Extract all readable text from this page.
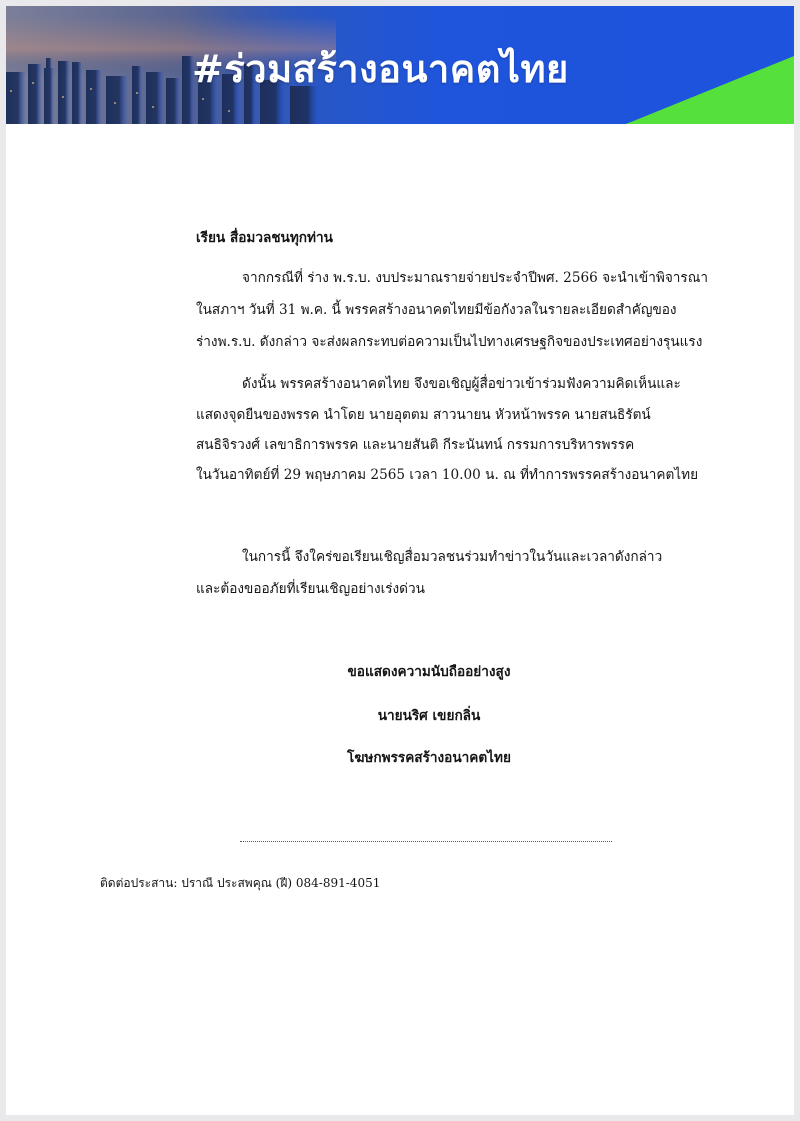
#ร่วมสร้างอนาคตไทย
เรียน สื่อมวลชนทุกท่าน
จากกรณีที่ ร่าง พ.ร.บ. งบประมาณรายจ่ายประจำปีพศ. 2566 จะนำเข้าพิจารณา
ในสภาฯ วันที่ 31 พ.ค. นี้ พรรคสร้างอนาคตไทยมีข้อกังวลในรายละเอียดสำคัญของ
ร่างพ.ร.บ. ดังกล่าว จะส่งผลกระทบต่อความเป็นไปทางเศรษฐกิจของประเทศอย่างรุนแรง
ดังนั้น พรรคสร้างอนาคตไทย จึงขอเชิญผู้สื่อข่าวเข้าร่วมฟังความคิดเห็นและ
แสดงจุดยืนของพรรค นำโดย นายอุตตม สาวนายน หัวหน้าพรรค นายสนธิรัตน์
สนธิจิรวงศ์ เลขาธิการพรรค และนายสันติ กีระนันทน์ กรรมการบริหารพรรค
ในวันอาทิตย์ที่ 29 พฤษภาคม 2565 เวลา 10.00 น. ณ ที่ทำการพรรคสร้างอนาคตไทย
ในการนี้ จึงใคร่ขอเรียนเชิญสื่อมวลชนร่วมทำข่าวในวันและเวลาดังกล่าว
และต้องขออภัยที่เรียนเชิญอย่างเร่งด่วน
ขอแสดงความนับถืออย่างสูง
นายนริศ เขยกลิ่น
โฆษกพรรคสร้างอนาคตไทย
ติดต่อประสาน: ปราณี ประสพคุณ (ฝี) 084-891-4051
